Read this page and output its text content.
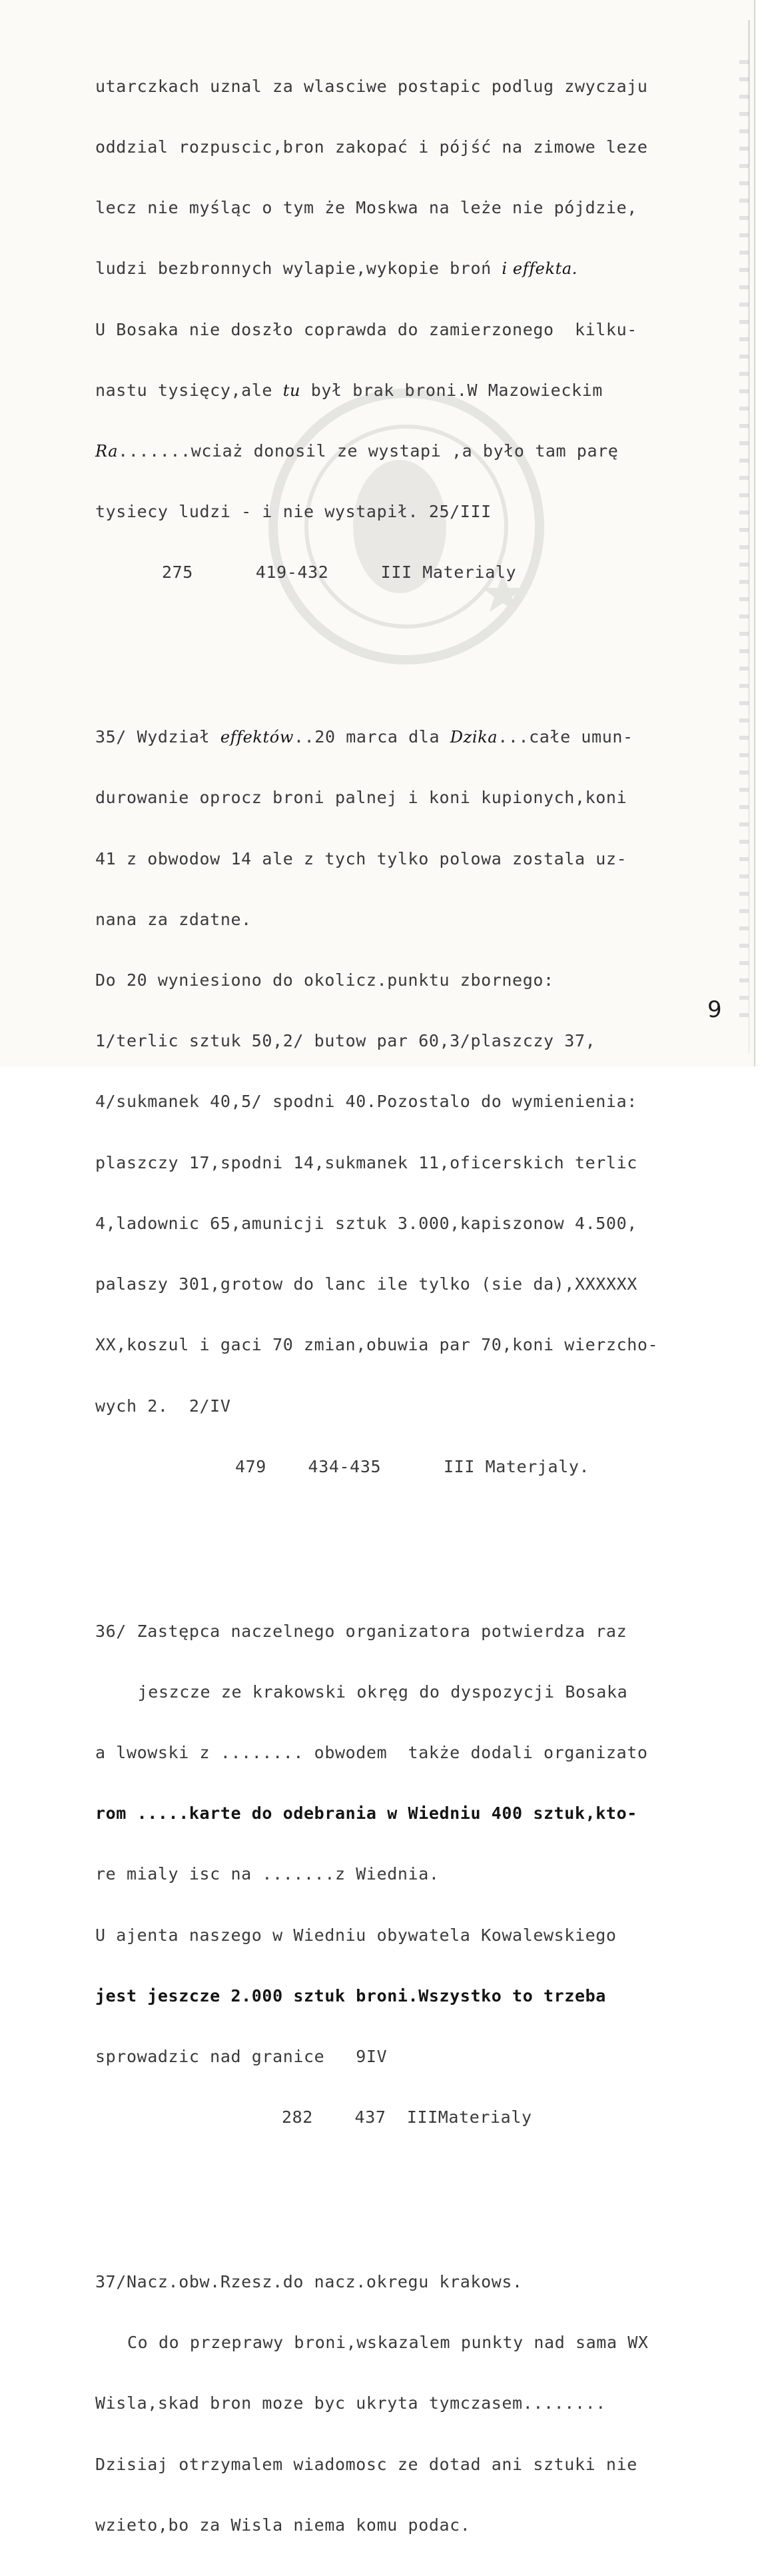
utarczkach uznal za wlasciwe postapic podlug zwyczaju

oddzial rozpuscic,bron zakopać i pójść na zimowe leze

lecz nie myśląc o tym że Moskwa na leże nie pójdzie,

ludzi bezbronnych wylapie,wykopie broń i effekta.

U Bosaka nie doszło coprawda do zamierzonego  kilku-

nastu tysięcy,ale tu był brak broni.W Mazowieckim

Ra.......wciaż donosil ze wystapi ,a było tam parę

tysiecy ludzi - i nie wystapił. 25/III

275      419-432     III Materialy

35/ Wydział effektów..20 marca dla Dzika...całe umun-

durowanie oprocz broni palnej i koni kupionych,koni

41 z obwodow 14 ale z tych tylko polowa zostala uz-

nana za zdatne.

Do 20 wyniesiono do okolicz.punktu zbornego:

1/terlic sztuk 50,2/ butow par 60,3/plaszczy 37,

4/sukmanek 40,5/ spodni 40.Pozostalo do wymienienia:

plaszczy 17,spodni 14,sukmanek 11,oficerskich terlic

4,ladownic 65,amunicji sztuk 3.000,kapiszonow 4.500,

palaszy 301,grotow do lanc ile tylko (sie da),XXXXXX

XX,koszul i gaci 70 zmian,obuwia par 70,koni wierzcho-

wych 2.  2/IV

479    434-435      III Materjaly.

36/ Zastępca naczelnego organizatora potwierdza raz

jeszcze ze krakowski okręg do dyspozycji Bosaka

a lwowski z ........ obwodem  także dodali organizato

rom .....karte do odebrania w Wiedniu 400 sztuk,kto-

re mialy isc na .......z Wiednia.

U ajenta naszego w Wiedniu obywatela Kowalewskiego

jest jeszcze 2.000 sztuk broni.Wszystko to trzeba

sprowadzic nad granice   9IV

282    437  IIIMaterialy

37/Nacz.obw.Rzesz.do nacz.okregu krakows.

Co do przeprawy broni,wskazalem punkty nad sama WX

Wisla,skad bron moze byc ukryta tymczasem........

Dzisiaj otrzymalem wiadomosc ze dotad ani sztuki nie

wzieto,bo za Wisla niema komu podac.

9
